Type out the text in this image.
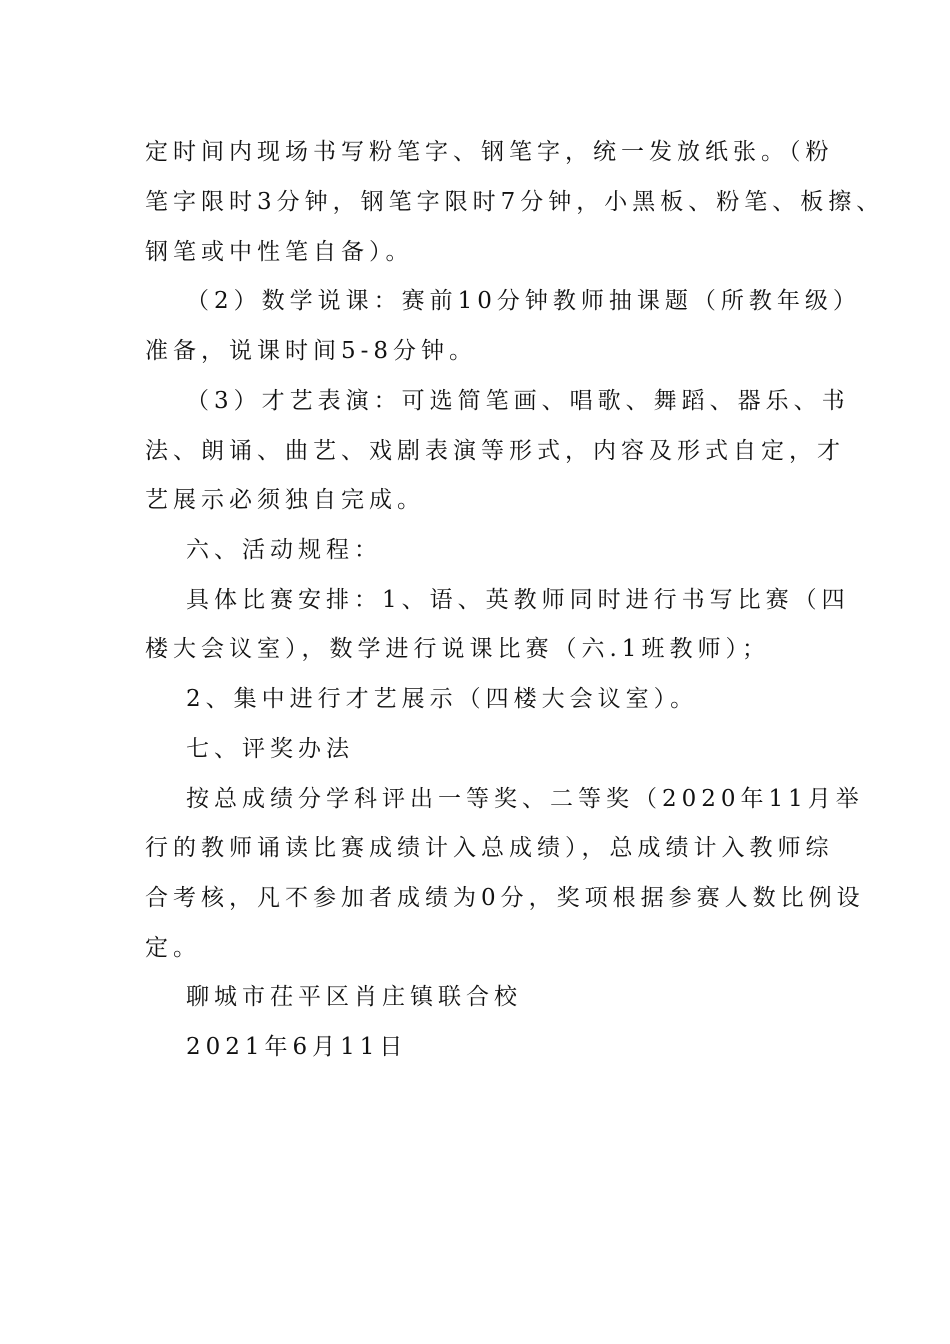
定时间内现场书写粉笔字、钢笔字，统一发放纸张。（粉
笔字限时3分钟，钢笔字限时7分钟，小黑板、粉笔、板擦、
钢笔或中性笔自备）。
（2）数学说课：赛前10分钟教师抽课题（所教年级）
准备，说课时间5-8分钟。
（3）才艺表演：可选简笔画、唱歌、舞蹈、器乐、书
法、朗诵、曲艺、戏剧表演等形式，内容及形式自定，才
艺展示必须独自完成。
六、活动规程：
具体比赛安排：1、语、英教师同时进行书写比赛（四
楼大会议室），数学进行说课比赛（六.1班教师）；
2、集中进行才艺展示（四楼大会议室）。
七、评奖办法
按总成绩分学科评出一等奖、二等奖（2020年11月举
行的教师诵读比赛成绩计入总成绩），总成绩计入教师综
合考核，凡不参加者成绩为0分，奖项根据参赛人数比例设
定。
聊城市茌平区肖庄镇联合校
2021年6月11日
